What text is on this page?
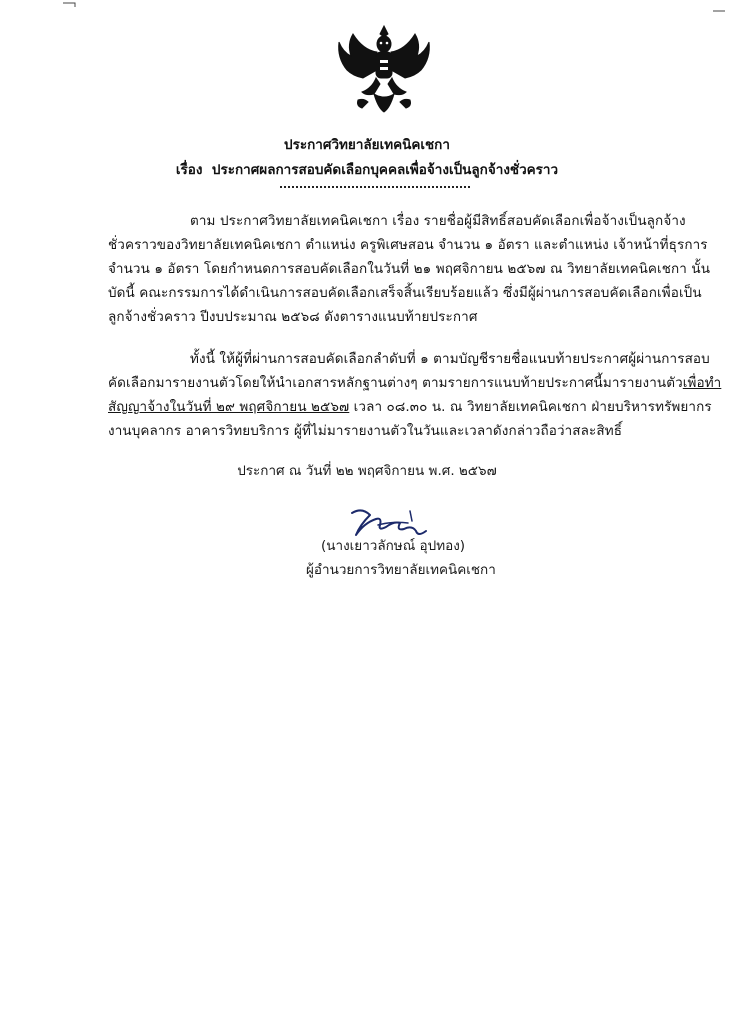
ประกาศวิทยาลัยเทคนิคเชกา
เรื่อง ประกาศผลการสอบคัดเลือกบุคคลเพื่อจ้างเป็นลูกจ้างชั่วคราว
ตาม ประกาศวิทยาลัยเทคนิคเชกา เรื่อง รายชื่อผู้มีสิทธิ์สอบคัดเลือกเพื่อจ้างเป็นลูกจ้าง
ชั่วคราวของวิทยาลัยเทคนิคเชกา ตำแหน่ง ครูพิเศษสอน จำนวน ๑ อัตรา และตำแหน่ง เจ้าหน้าที่ธุรการ
จำนวน ๑ อัตรา โดยกำหนดการสอบคัดเลือกในวันที่ ๒๑ พฤศจิกายน ๒๕๖๗ ณ วิทยาลัยเทคนิคเชกา นั้น
บัดนี้ คณะกรรมการได้ดำเนินการสอบคัดเลือกเสร็จสิ้นเรียบร้อยแล้ว ซึ่งมีผู้ผ่านการสอบคัดเลือกเพื่อเป็น
ลูกจ้างชั่วคราว ปีงบประมาณ ๒๕๖๘ ดังตารางแนบท้ายประกาศ
ทั้งนี้ ให้ผู้ที่ผ่านการสอบคัดเลือกลำดับที่ ๑ ตามบัญชีรายชื่อแนบท้ายประกาศผู้ผ่านการสอบ
คัดเลือกมารายงานตัวโดยให้นำเอกสารหลักฐานต่างๆ ตามรายการแนบท้ายประกาศนี้มารายงานตัวเพื่อทำ
สัญญาจ้างในวันที่ ๒๙ พฤศจิกายน ๒๕๖๗ เวลา ๐๘.๓๐ น. ณ วิทยาลัยเทคนิคเชกา ฝ่ายบริหารทรัพยากร
งานบุคลากร อาคารวิทยบริการ ผู้ที่ไม่มารายงานตัวในวันและเวลาดังกล่าวถือว่าสละสิทธิ์
ประกาศ ณ วันที่ ๒๒ พฤศจิกายน พ.ศ. ๒๕๖๗
(นางเยาวลักษณ์ อุปทอง)
ผู้อำนวยการวิทยาลัยเทคนิคเชกา
